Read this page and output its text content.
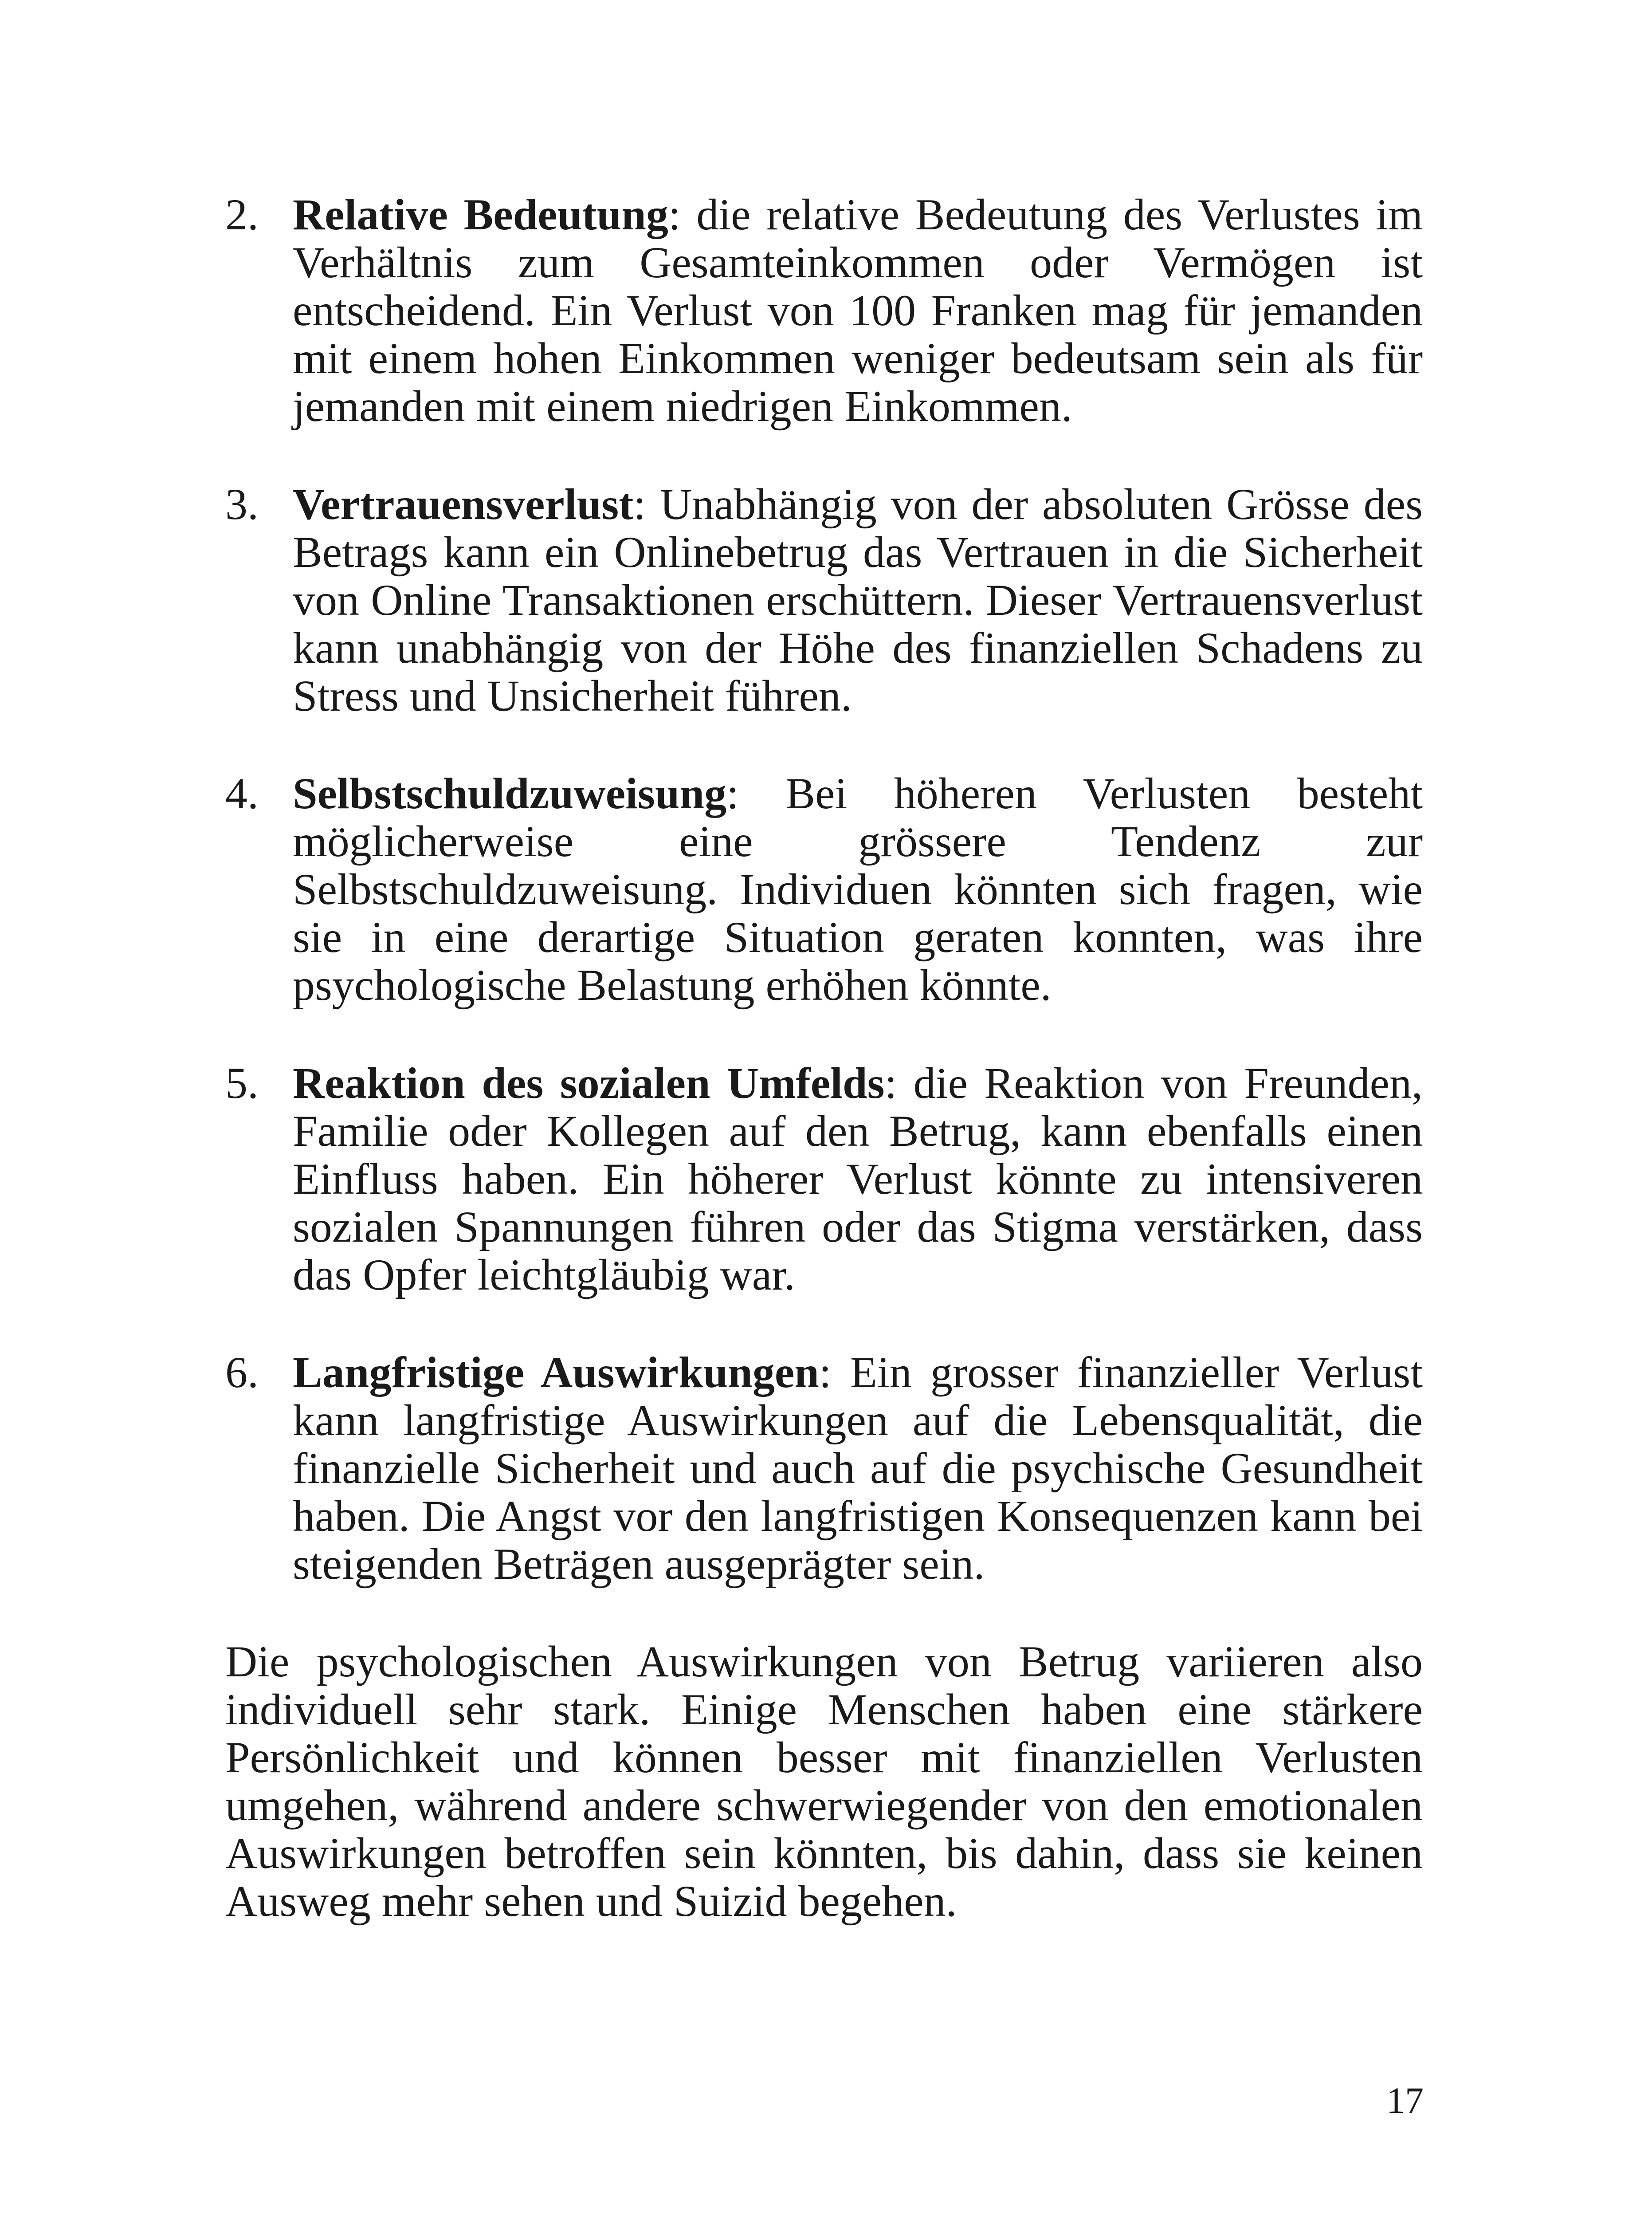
2. Relative Bedeutung: die relative Bedeutung des Verlustes im Verhältnis zum Gesamteinkommen oder Vermögen ist entscheidend. Ein Verlust von 100 Franken mag für jemanden mit einem hohen Einkommen weniger bedeutsam sein als für jemanden mit einem niedrigen Einkommen.
3. Vertrauensverlust: Unabhängig von der absoluten Grösse des Betrags kann ein Onlinebetrug das Vertrauen in die Sicherheit von Online Transaktionen erschüttern. Dieser Vertrauensverlust kann unabhängig von der Höhe des finanziellen Schadens zu Stress und Unsicherheit führen.
4. Selbstschuldzuweisung: Bei höheren Verlusten besteht möglicherweise eine grössere Tendenz zur Selbstschuldzuweisung. Individuen könnten sich fragen, wie sie in eine derartige Situation geraten konnten, was ihre psychologische Belastung erhöhen könnte.
5. Reaktion des sozialen Umfelds: die Reaktion von Freunden, Familie oder Kollegen auf den Betrug, kann ebenfalls einen Einfluss haben. Ein höherer Verlust könnte zu intensiveren sozialen Spannungen führen oder das Stigma verstärken, dass das Opfer leichtgläubig war.
6. Langfristige Auswirkungen: Ein grosser finanzieller Verlust kann langfristige Auswirkungen auf die Lebensqualität, die finanzielle Sicherheit und auch auf die psychische Gesundheit haben. Die Angst vor den langfristigen Konsequenzen kann bei steigenden Beträgen ausgeprägter sein.

Die psychologischen Auswirkungen von Betrug variieren also individuell sehr stark. Einige Menschen haben eine stärkere Persönlichkeit und können besser mit finanziellen Verlusten umgehen, während andere schwerwiegender von den emotionalen Auswirkungen betroffen sein könnten, bis dahin, dass sie keinen Ausweg mehr sehen und Suizid begehen.

17
